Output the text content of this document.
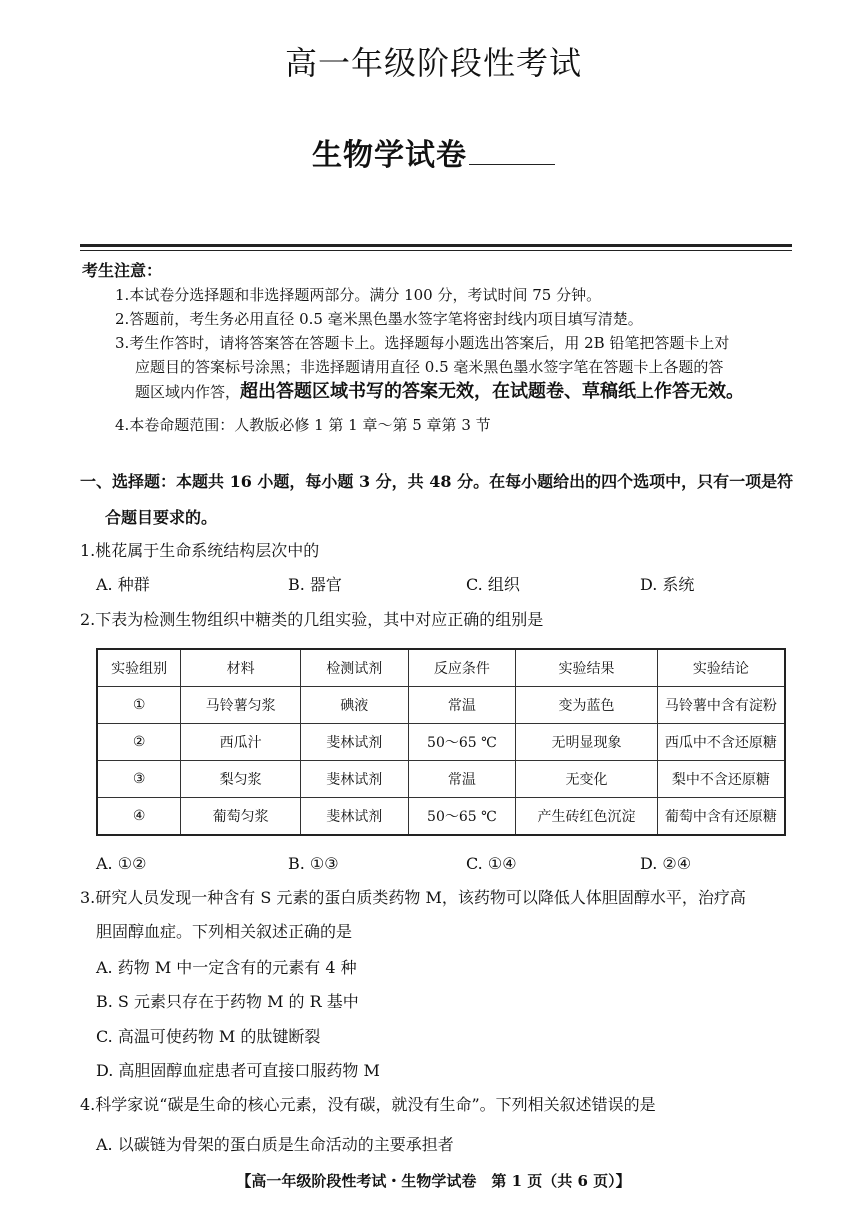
高一年级阶段性考试
生物学试卷
考生注意：
1.本试卷分选择题和非选择题两部分。满分 100 分，考试时间 75 分钟。
2.答题前，考生务必用直径 0.5 毫米黑色墨水签字笔将密封线内项目填写清楚。
3.考生作答时，请将答案答在答题卡上。选择题每小题选出答案后，用 2B 铅笔把答题卡上对
应题目的答案标号涂黑；非选择题请用直径 0.5 毫米黑色墨水签字笔在答题卡上各题的答
题区域内作答，超出答题区域书写的答案无效，在试题卷、草稿纸上作答无效。
4.本卷命题范围：人教版必修 1 第 1 章～第 5 章第 3 节
一、选择题：本题共 16 小题，每小题 3 分，共 48 分。在每小题给出的四个选项中，只有一项是符
合题目要求的。
1.桃花属于生命系统结构层次中的
A. 种群	B. 器官	C. 组织	D. 系统
2.下表为检测生物组织中糖类的几组实验，其中对应正确的组别是
实验组别	材料	检测试剂	反应条件	实验结果	实验结论
①	马铃薯匀浆	碘液	常温	变为蓝色	马铃薯中含有淀粉
②	西瓜汁	斐林试剂	50～65 ℃	无明显现象	西瓜中不含还原糖
③	梨匀浆	斐林试剂	常温	无变化	梨中不含还原糖
④	葡萄匀浆	斐林试剂	50～65 ℃	产生砖红色沉淀	葡萄中含有还原糖
A. ①②	B. ①③	C. ①④	D. ②④
3.研究人员发现一种含有 S 元素的蛋白质类药物 M，该药物可以降低人体胆固醇水平，治疗高
胆固醇血症。下列相关叙述正确的是
A. 药物 M 中一定含有的元素有 4 种
B. S 元素只存在于药物 M 的 R 基中
C. 高温可使药物 M 的肽键断裂
D. 高胆固醇血症患者可直接口服药物 M
4.科学家说“碳是生命的核心元素，没有碳，就没有生命”。下列相关叙述错误的是
A. 以碳链为骨架的蛋白质是生命活动的主要承担者
【高一年级阶段性考试・生物学试卷　第 1 页（共 6 页）】
